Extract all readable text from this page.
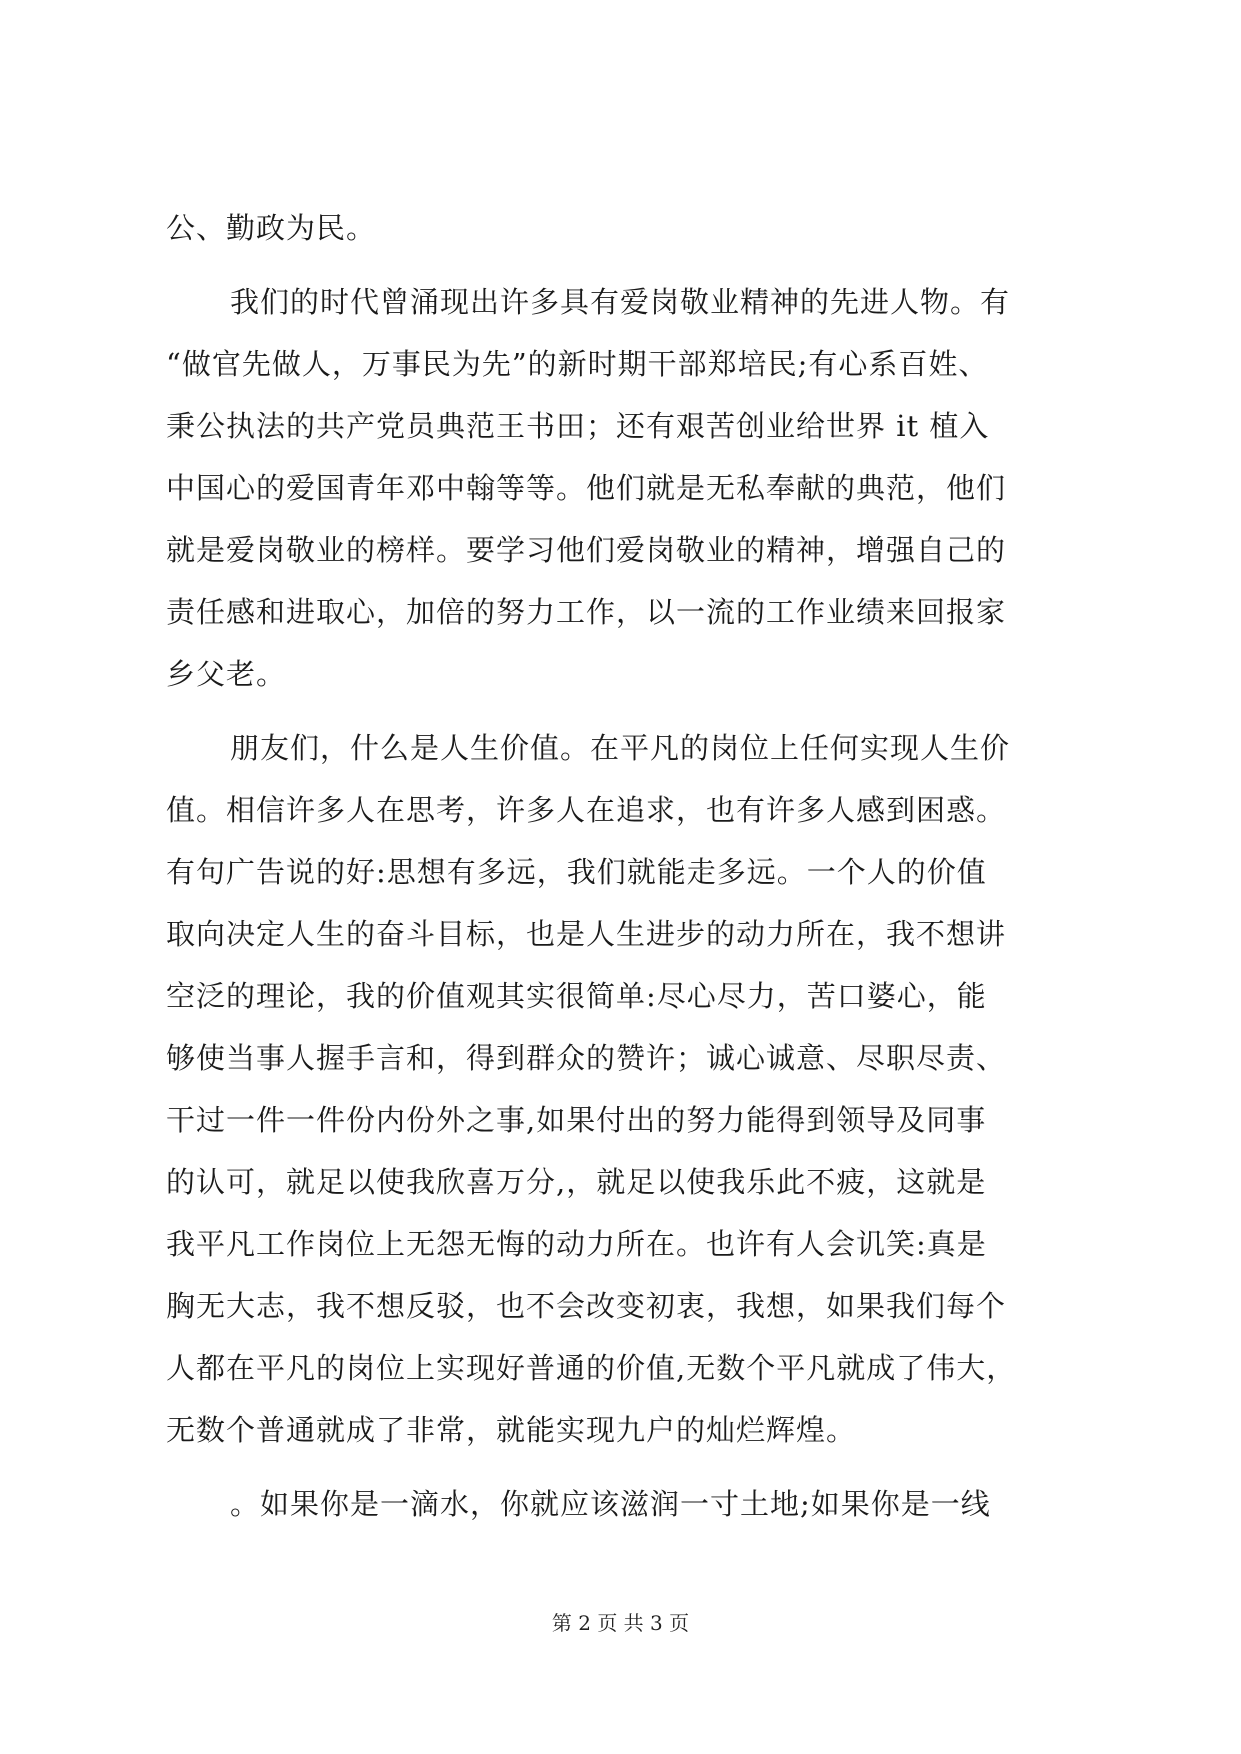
公、勤政为民。
我们的时代曾涌现出许多具有爱岗敬业精神的先进人物。有
“做官先做人，万事民为先”的新时期干部郑培民;有心系百姓、
秉公执法的共产党员典范王书田；还有艰苦创业给世界 it 植入
中国心的爱国青年邓中翰等等。他们就是无私奉献的典范，他们
就是爱岗敬业的榜样。要学习他们爱岗敬业的精神，增强自己的
责任感和进取心，加倍的努力工作，以一流的工作业绩来回报家
乡父老。
朋友们，什么是人生价值。在平凡的岗位上任何实现人生价
值。相信许多人在思考，许多人在追求，也有许多人感到困惑。
有句广告说的好:思想有多远，我们就能走多远。一个人的价值
取向决定人生的奋斗目标，也是人生进步的动力所在，我不想讲
空泛的理论，我的价值观其实很简单:尽心尽力，苦口婆心，能
够使当事人握手言和，得到群众的赞许；诚心诚意、尽职尽责、
干过一件一件份内份外之事,如果付出的努力能得到领导及同事
的认可，就足以使我欣喜万分,，就足以使我乐此不疲，这就是
我平凡工作岗位上无怨无悔的动力所在。也许有人会讥笑:真是
胸无大志，我不想反驳，也不会改变初衷，我想，如果我们每个
人都在平凡的岗位上实现好普通的价值,无数个平凡就成了伟大，
无数个普通就成了非常，就能实现九户的灿烂辉煌。
。如果你是一滴水，你就应该滋润一寸土地;如果你是一线
第 2 页 共 3 页
